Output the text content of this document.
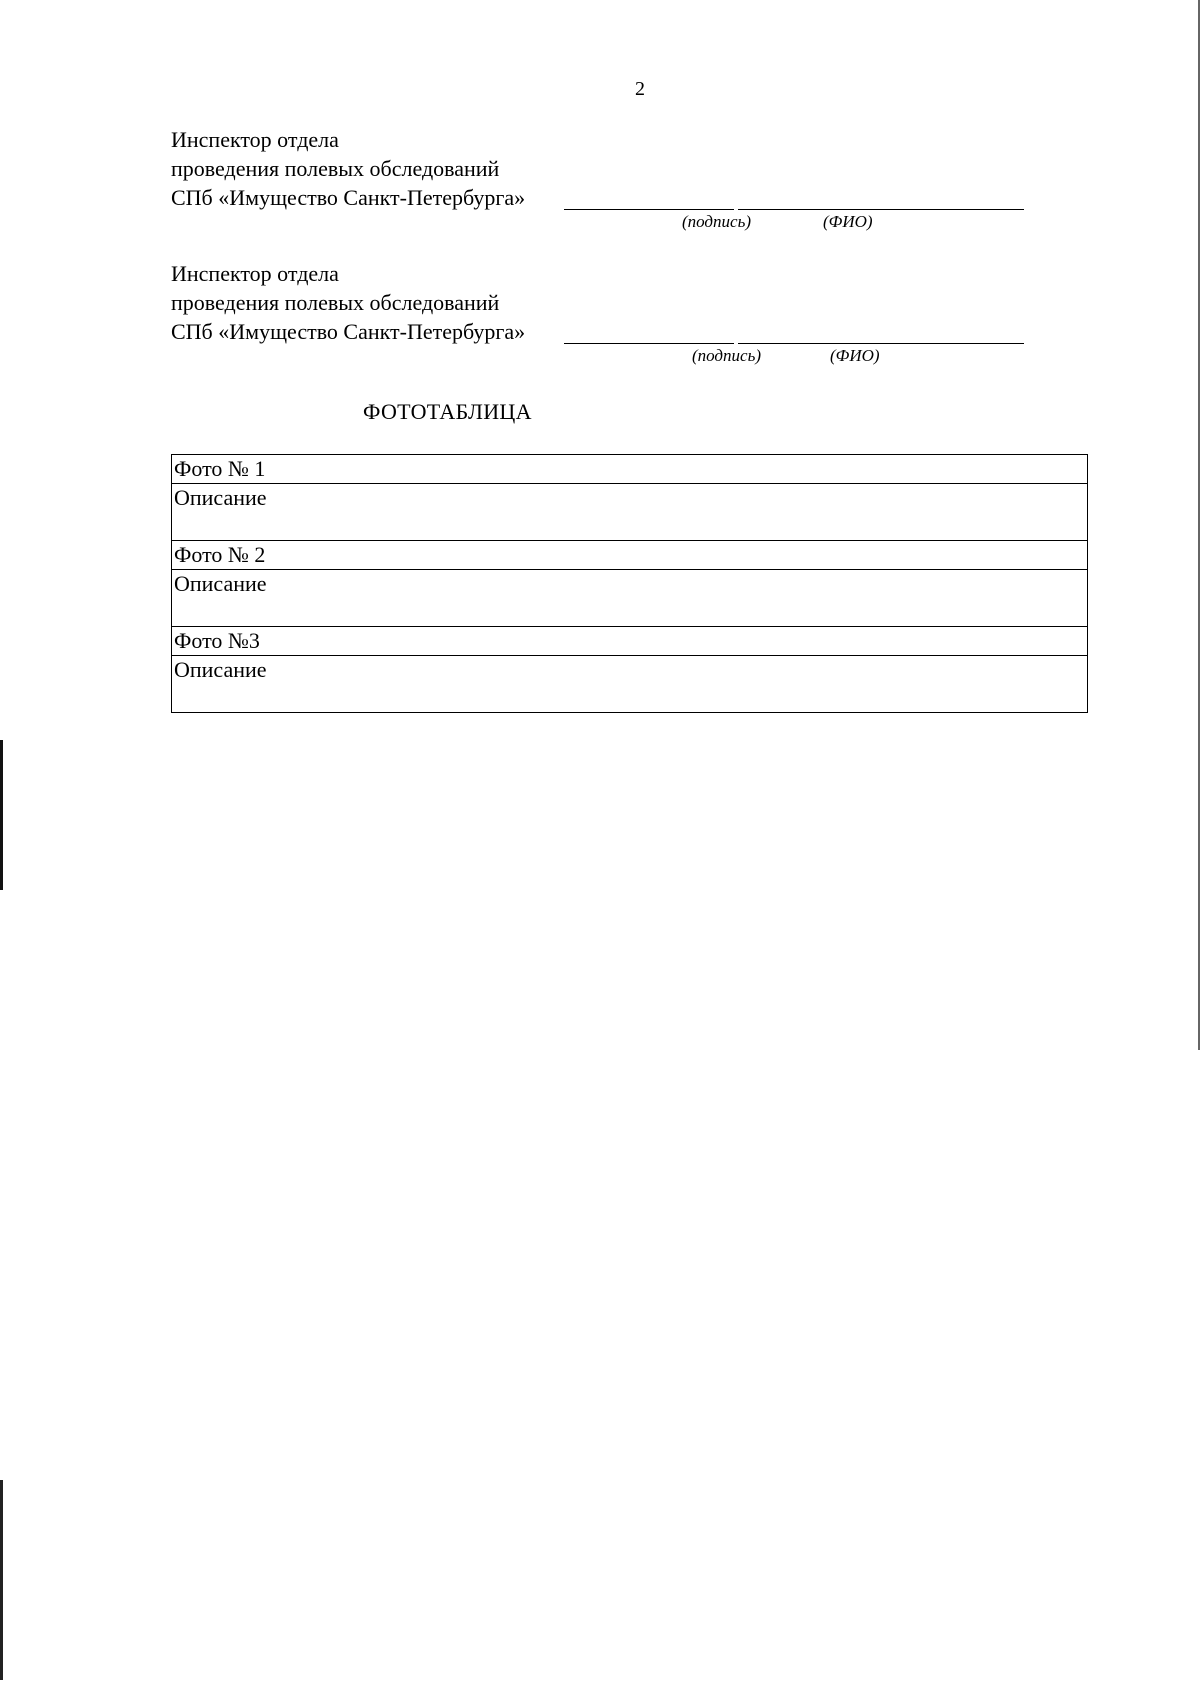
2
Инспектор отдела
проведения полевых обследований
СПб «Имущество Санкт-Петербурга»
(подпись)	(ФИО)
Инспектор отдела
проведения полевых обследований
СПб «Имущество Санкт-Петербурга»
(подпись)	(ФИО)
ФОТОТАБЛИЦА
Фото № 1
Описание
Фото № 2
Описание
Фото №3
Описание
